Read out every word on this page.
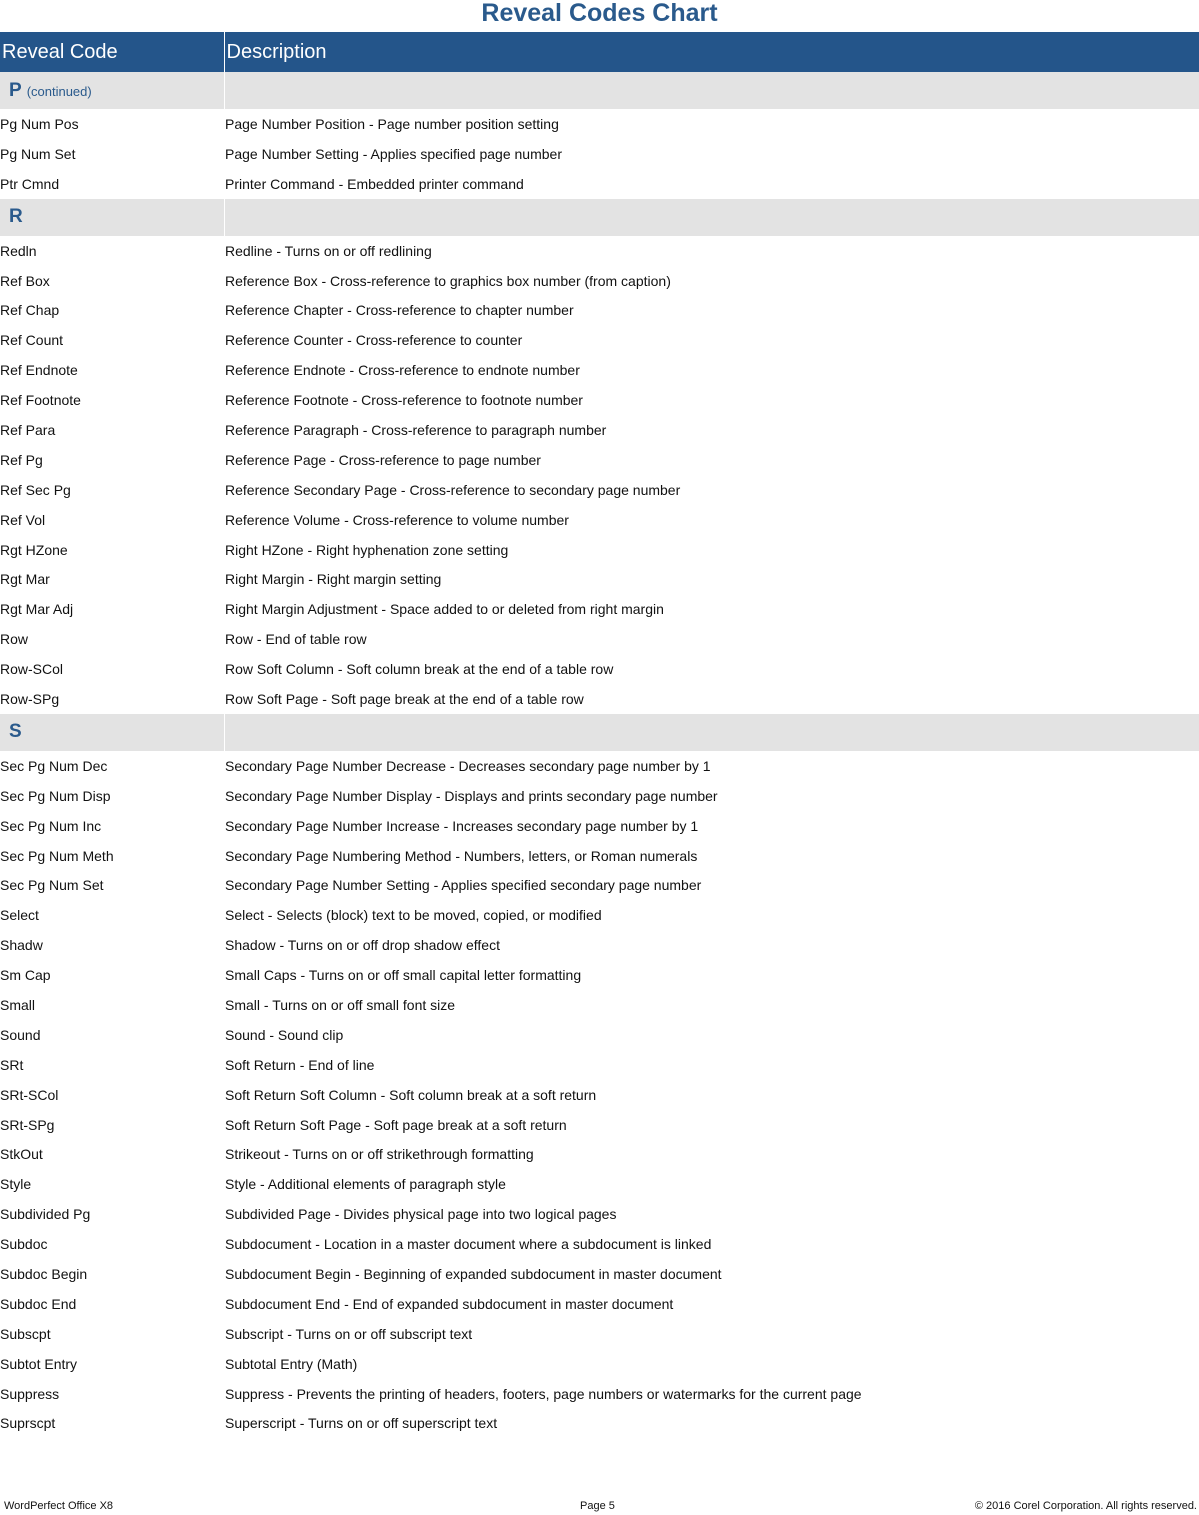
Reveal Codes Chart
Reveal Code	Description
P (continued)	
Pg Num Pos	Page Number Position - Page number position setting
Pg Num Set	Page Number Setting - Applies specified page number
Ptr Cmnd	Printer Command - Embedded printer command
R	
Redln	Redline - Turns on or off redlining
Ref Box	Reference Box - Cross-reference to graphics box number (from caption)
Ref Chap	Reference Chapter - Cross-reference to chapter number
Ref Count	Reference Counter - Cross-reference to counter
Ref Endnote	Reference Endnote - Cross-reference to endnote number
Ref Footnote	Reference Footnote - Cross-reference to footnote number
Ref Para	Reference Paragraph - Cross-reference to paragraph number
Ref Pg	Reference Page - Cross-reference to page number
Ref Sec Pg	Reference Secondary Page - Cross-reference to secondary page number
Ref Vol	Reference Volume - Cross-reference to volume number
Rgt HZone	Right HZone - Right hyphenation zone setting
Rgt Mar	Right Margin - Right margin setting
Rgt Mar Adj	Right Margin Adjustment - Space added to or deleted from right margin
Row	Row - End of table row
Row-SCol	Row Soft Column - Soft column break at the end of a table row
Row-SPg	Row Soft Page - Soft page break at the end of a table row
S	
Sec Pg Num Dec	Secondary Page Number Decrease - Decreases secondary page number by 1
Sec Pg Num Disp	Secondary Page Number Display - Displays and prints secondary page number
Sec Pg Num Inc	Secondary Page Number Increase - Increases secondary page number by 1
Sec Pg Num Meth	Secondary Page Numbering Method - Numbers, letters, or Roman numerals
Sec Pg Num Set	Secondary Page Number Setting - Applies specified secondary page number
Select	Select - Selects (block) text to be moved, copied, or modified
Shadw	Shadow - Turns on or off drop shadow effect
Sm Cap	Small Caps - Turns on or off small capital letter formatting
Small	Small - Turns on or off small font size
Sound	Sound - Sound clip
SRt	Soft Return - End of line
SRt-SCol	Soft Return Soft Column - Soft column break at a soft return
SRt-SPg	Soft Return Soft Page - Soft page break at a soft return
StkOut	Strikeout - Turns on or off strikethrough formatting
Style	Style - Additional elements of paragraph style
Subdivided Pg	Subdivided Page - Divides physical page into two logical pages
Subdoc	Subdocument - Location in a master document where a subdocument is linked
Subdoc Begin	Subdocument Begin - Beginning of expanded subdocument in master document
Subdoc End	Subdocument End - End of expanded subdocument in master document
Subscpt	Subscript - Turns on or off subscript text
Subtot Entry	Subtotal Entry (Math)
Suppress	Suppress - Prevents the printing of headers, footers, page numbers or watermarks for the current page
Suprscpt	Superscript - Turns on or off superscript text
WordPerfect Office X8	Page 5	© 2016 Corel Corporation. All rights reserved.
